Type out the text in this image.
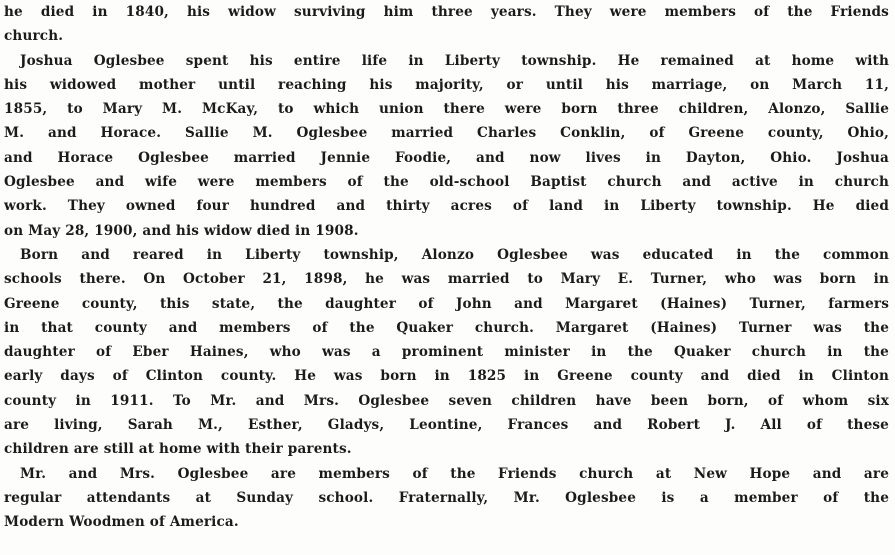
he died in 1840, his widow surviving him three years. They were members of the Friends
church.
Joshua Oglesbee spent his entire life in Liberty township. He remained at home with
his widowed mother until reaching his majority, or until his marriage, on March 11,
1855, to Mary M. McKay, to which union there were born three children, Alonzo, Sallie
M. and Horace. Sallie M. Oglesbee married Charles Conklin, of Greene county, Ohio,
and Horace Oglesbee married Jennie Foodie, and now lives in Dayton, Ohio. Joshua
Oglesbee and wife were members of the old-school Baptist church and active in church
work. They owned four hundred and thirty acres of land in Liberty township. He died
on May 28, 1900, and his widow died in 1908.
Born and reared in Liberty township, Alonzo Oglesbee was educated in the common
schools there. On October 21, 1898, he was married to Mary E. Turner, who was born in
Greene county, this state, the daughter of John and Margaret (Haines) Turner, farmers
in that county and members of the Quaker church. Margaret (Haines) Turner was the
daughter of Eber Haines, who was a prominent minister in the Quaker church in the
early days of Clinton county. He was born in 1825 in Greene county and died in Clinton
county in 1911. To Mr. and Mrs. Oglesbee seven children have been born, of whom six
are living, Sarah M., Esther, Gladys, Leontine, Frances and Robert J. All of these
children are still at home with their parents.
Mr. and Mrs. Oglesbee are members of the Friends church at New Hope and are
regular attendants at Sunday school. Fraternally, Mr. Oglesbee is a member of the
Modern Woodmen of America.
